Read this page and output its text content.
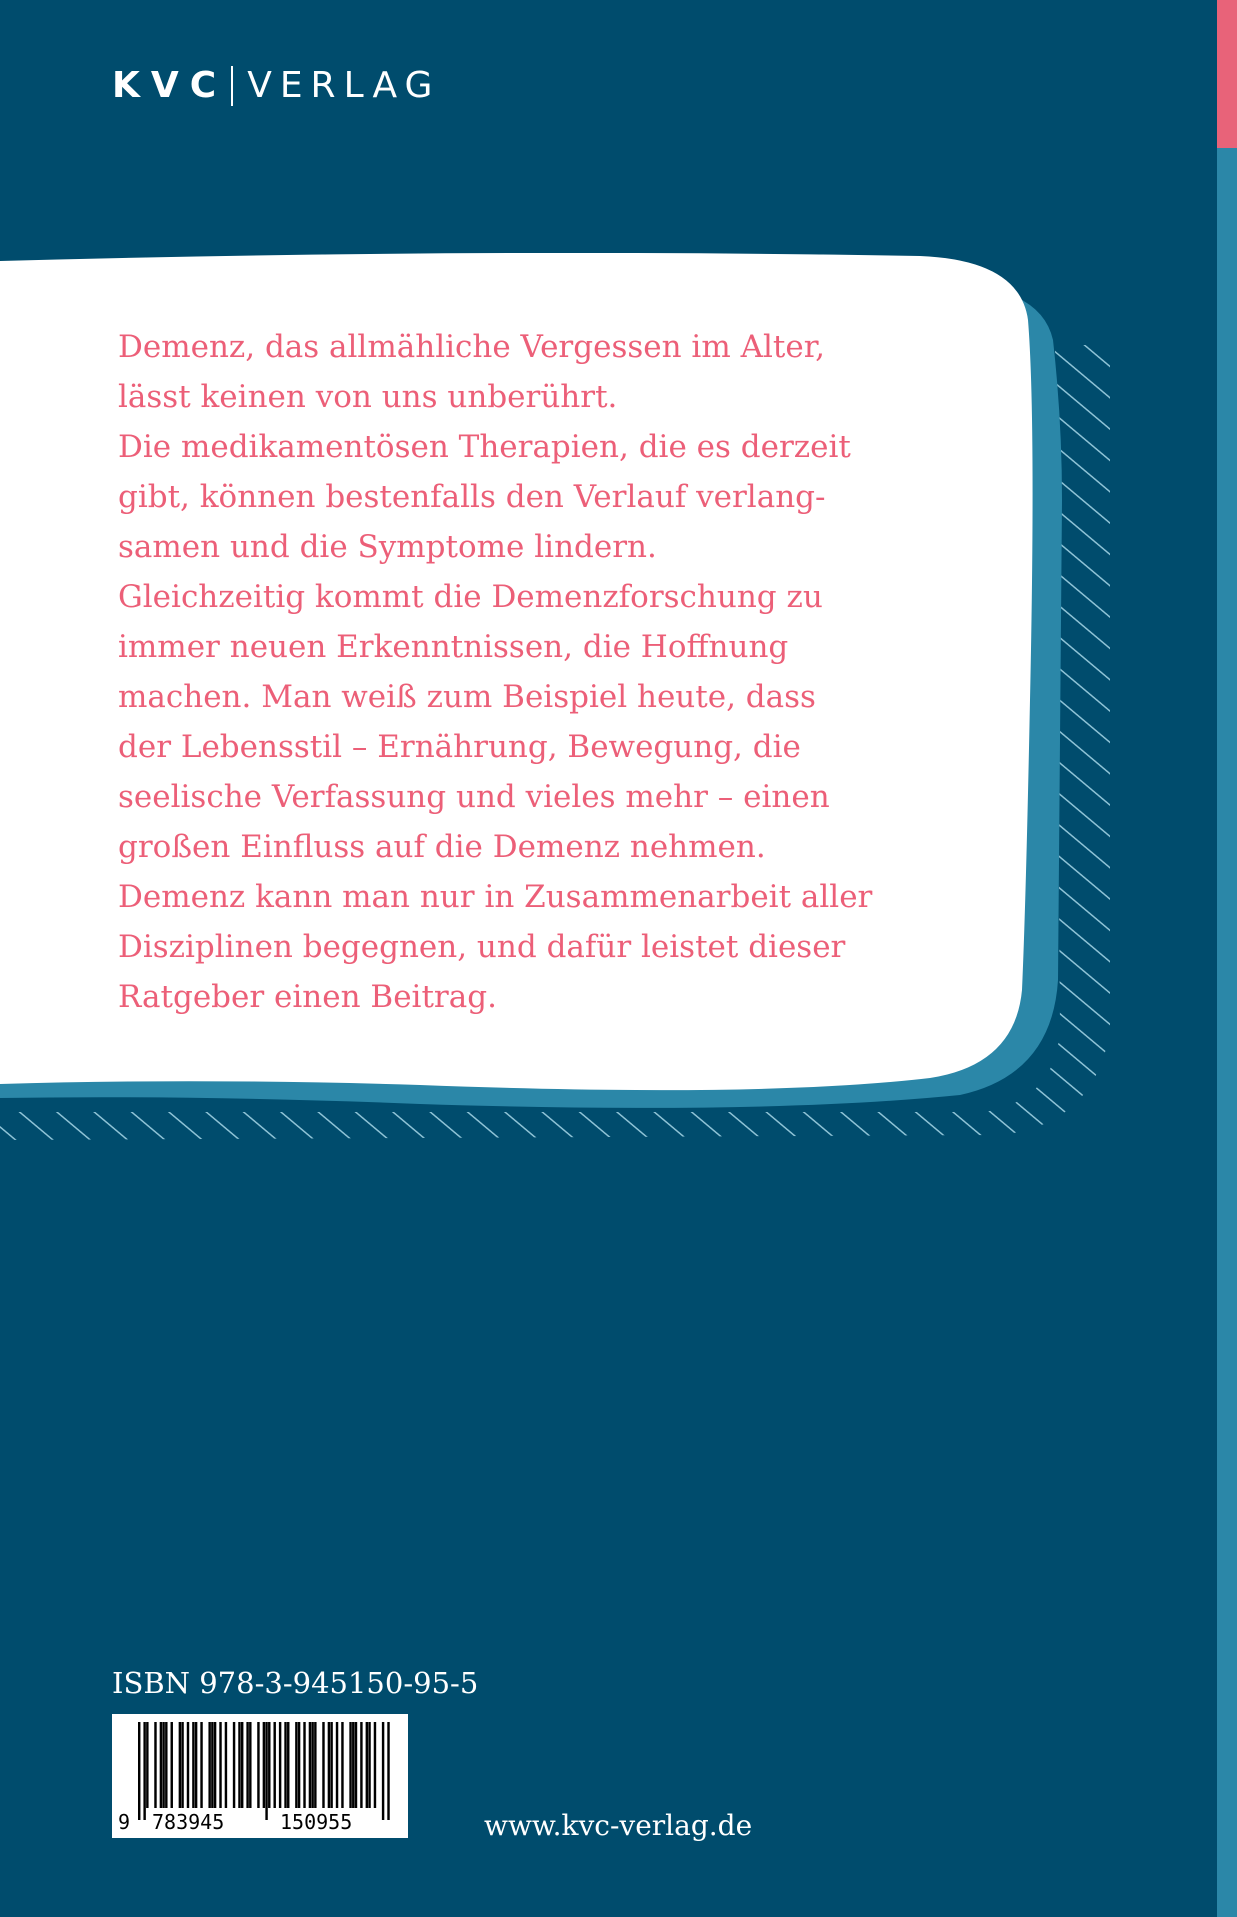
KVC VERLAG

Demenz, das allmähliche Vergessen im Alter,

lässt keinen von uns unberührt.

Die medikamentösen Therapien, die es derzeit

gibt, können bestenfalls den Verlauf verlang-

samen und die Symptome lindern.

Gleichzeitig kommt die Demenzforschung zu

immer neuen Erkenntnissen, die Hoffnung

machen. Man weiß zum Beispiel heute, dass

der Lebensstil – Ernährung, Bewegung, die

seelische Verfassung und vieles mehr – einen

großen Einfluss auf die Demenz nehmen.

Demenz kann man nur in Zusammenarbeit aller

Disziplinen begegnen, und dafür leistet dieser

Ratgeber einen Beitrag.

ISBN 978-3-945150-95-5
9 783945	150955	www.kvc-verlag.de
